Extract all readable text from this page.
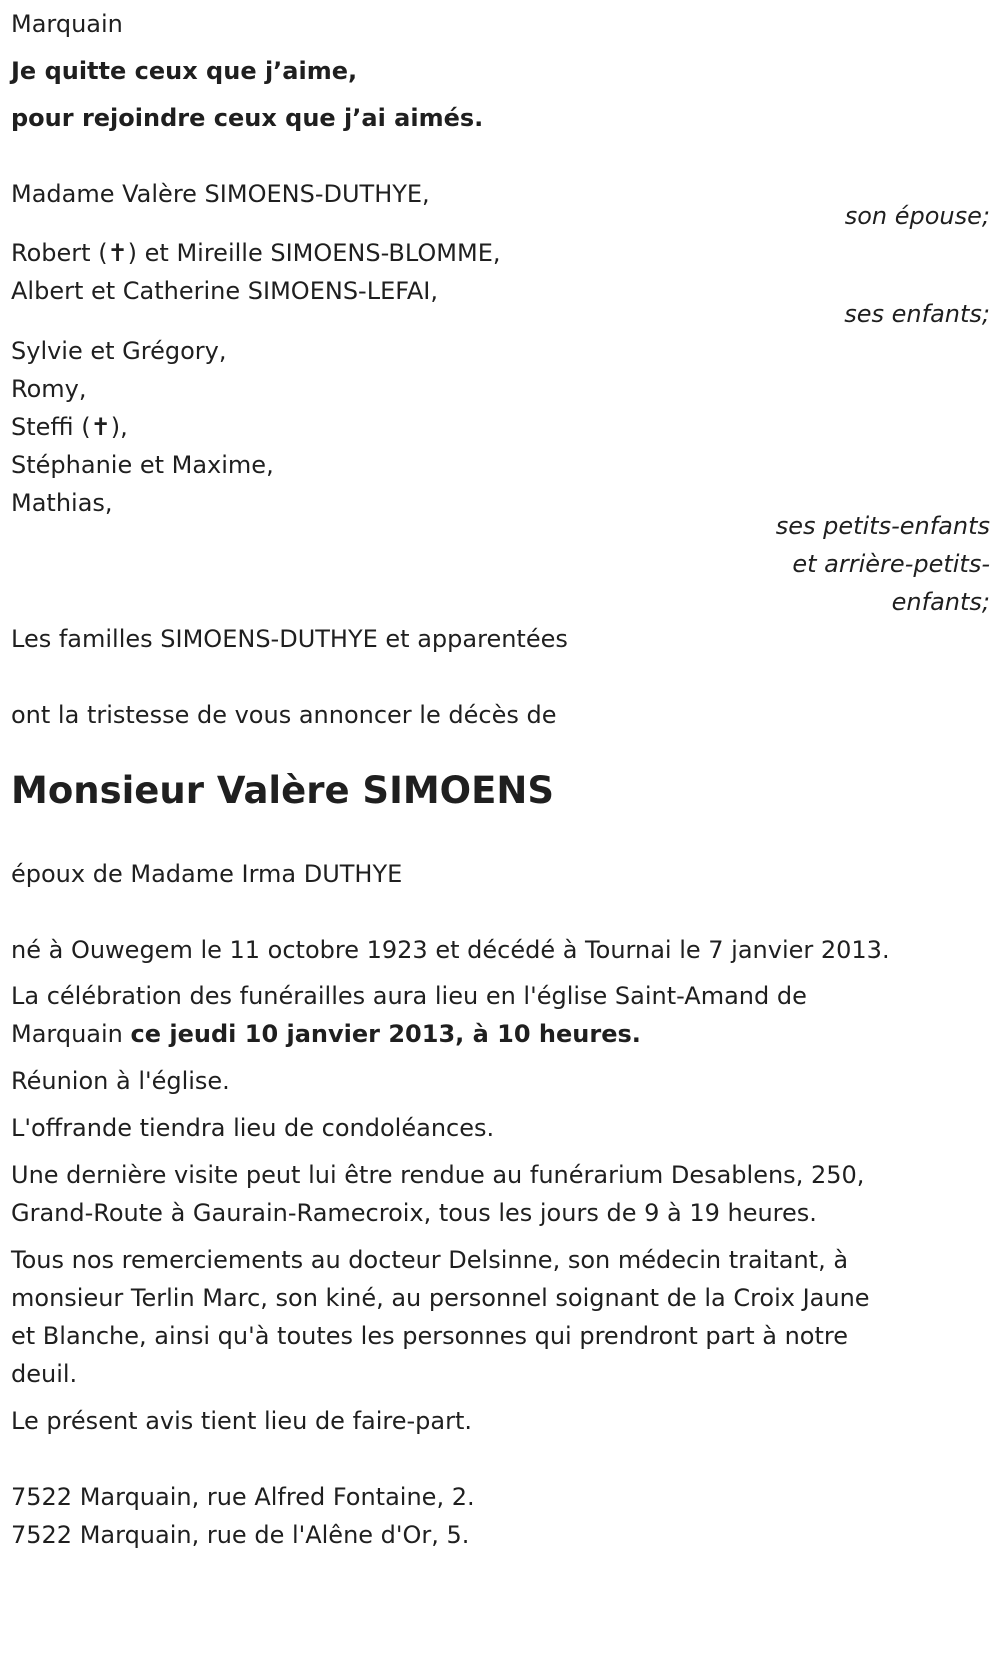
Marquain

Je quitte ceux que j’aime,

pour rejoindre ceux que j’ai aimés.

Madame Valère SIMOENS-DUTHYE,

son épouse;

Robert (✝) et Mireille SIMOENS-BLOMME,

Albert et Catherine SIMOENS-LEFAI,

ses enfants;

Sylvie et Grégory,

Romy,

Steffi (✝),

Stéphanie et Maxime,

Mathias,

ses petits-enfants

et arrière-petits-

enfants;

Les familles SIMOENS-DUTHYE et apparentées

ont la tristesse de vous annoncer le décès de

Monsieur Valère SIMOENS

époux de Madame Irma DUTHYE

né à Ouwegem le 11 octobre 1923 et décédé à Tournai le 7 janvier 2013.

La célébration des funérailles aura lieu en l'église Saint-Amand de

Marquain ce jeudi 10 janvier 2013, à 10 heures.

Réunion à l'église.

L'offrande tiendra lieu de condoléances.

Une dernière visite peut lui être rendue au funérarium Desablens, 250,

Grand-Route à Gaurain-Ramecroix, tous les jours de 9 à 19 heures.

Tous nos remerciements au docteur Delsinne, son médecin traitant, à

monsieur Terlin Marc, son kiné, au personnel soignant de la Croix Jaune

et Blanche, ainsi qu'à toutes les personnes qui prendront part à notre

deuil.

Le présent avis tient lieu de faire-part.

7522 Marquain, rue Alfred Fontaine, 2.

7522 Marquain, rue de l'Alêne d'Or, 5.
